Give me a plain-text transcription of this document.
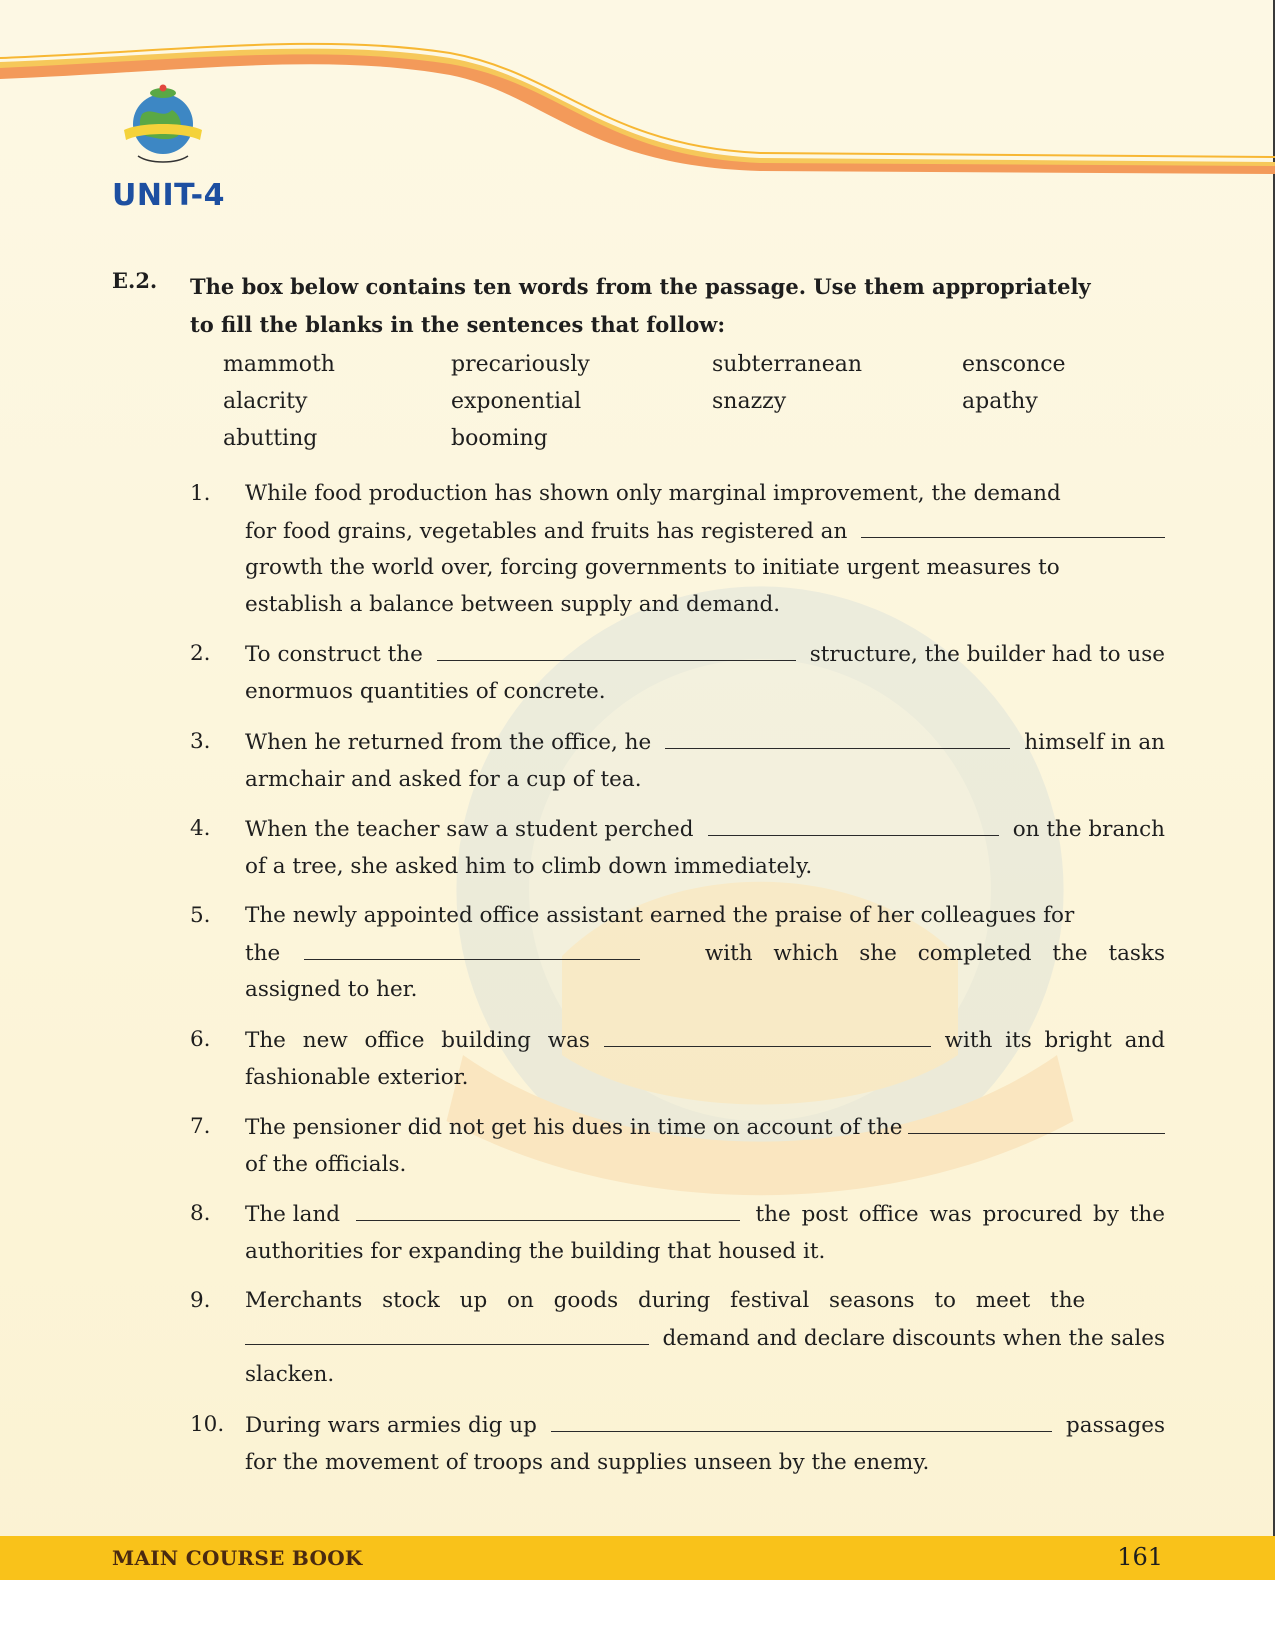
UNIT-4
E.2. The box below contains ten words from the passage. Use them appropriately
to fill the blanks in the sentences that follow:
mammoth	precariously	subterranean	ensconce
alacrity	exponential	snazzy	apathy
abutting	booming
1. While food production has shown only marginal improvement, the demand
for food grains, vegetables and fruits has registered an
growth the world over, forcing governments to initiate urgent measures to
establish a balance between supply and demand.
2. To construct the	structure, the builder had to use
enormuos quantities of concrete.
3. When he returned from the office, he	himself in an
armchair and asked for a cup of tea.
4. When the teacher saw a student perched	on the branch
of a tree, she asked him to climb down immediately.
5. The newly appointed office assistant earned the praise of her colleagues for
the	with which she completed the tasks
assigned to her.
6. The new office building was	with its bright and
fashionable exterior.
7. The pensioner did not get his dues in time on account of the
of the officials.
8. The land	the post office was procured by the
authorities for expanding the building that housed it.
9. Merchants stock up on goods during festival seasons to meet the
demand and declare discounts when the sales
slacken.
10. During wars armies dig up	passages
for the movement of troops and supplies unseen by the enemy.
MAIN COURSE BOOK	161
